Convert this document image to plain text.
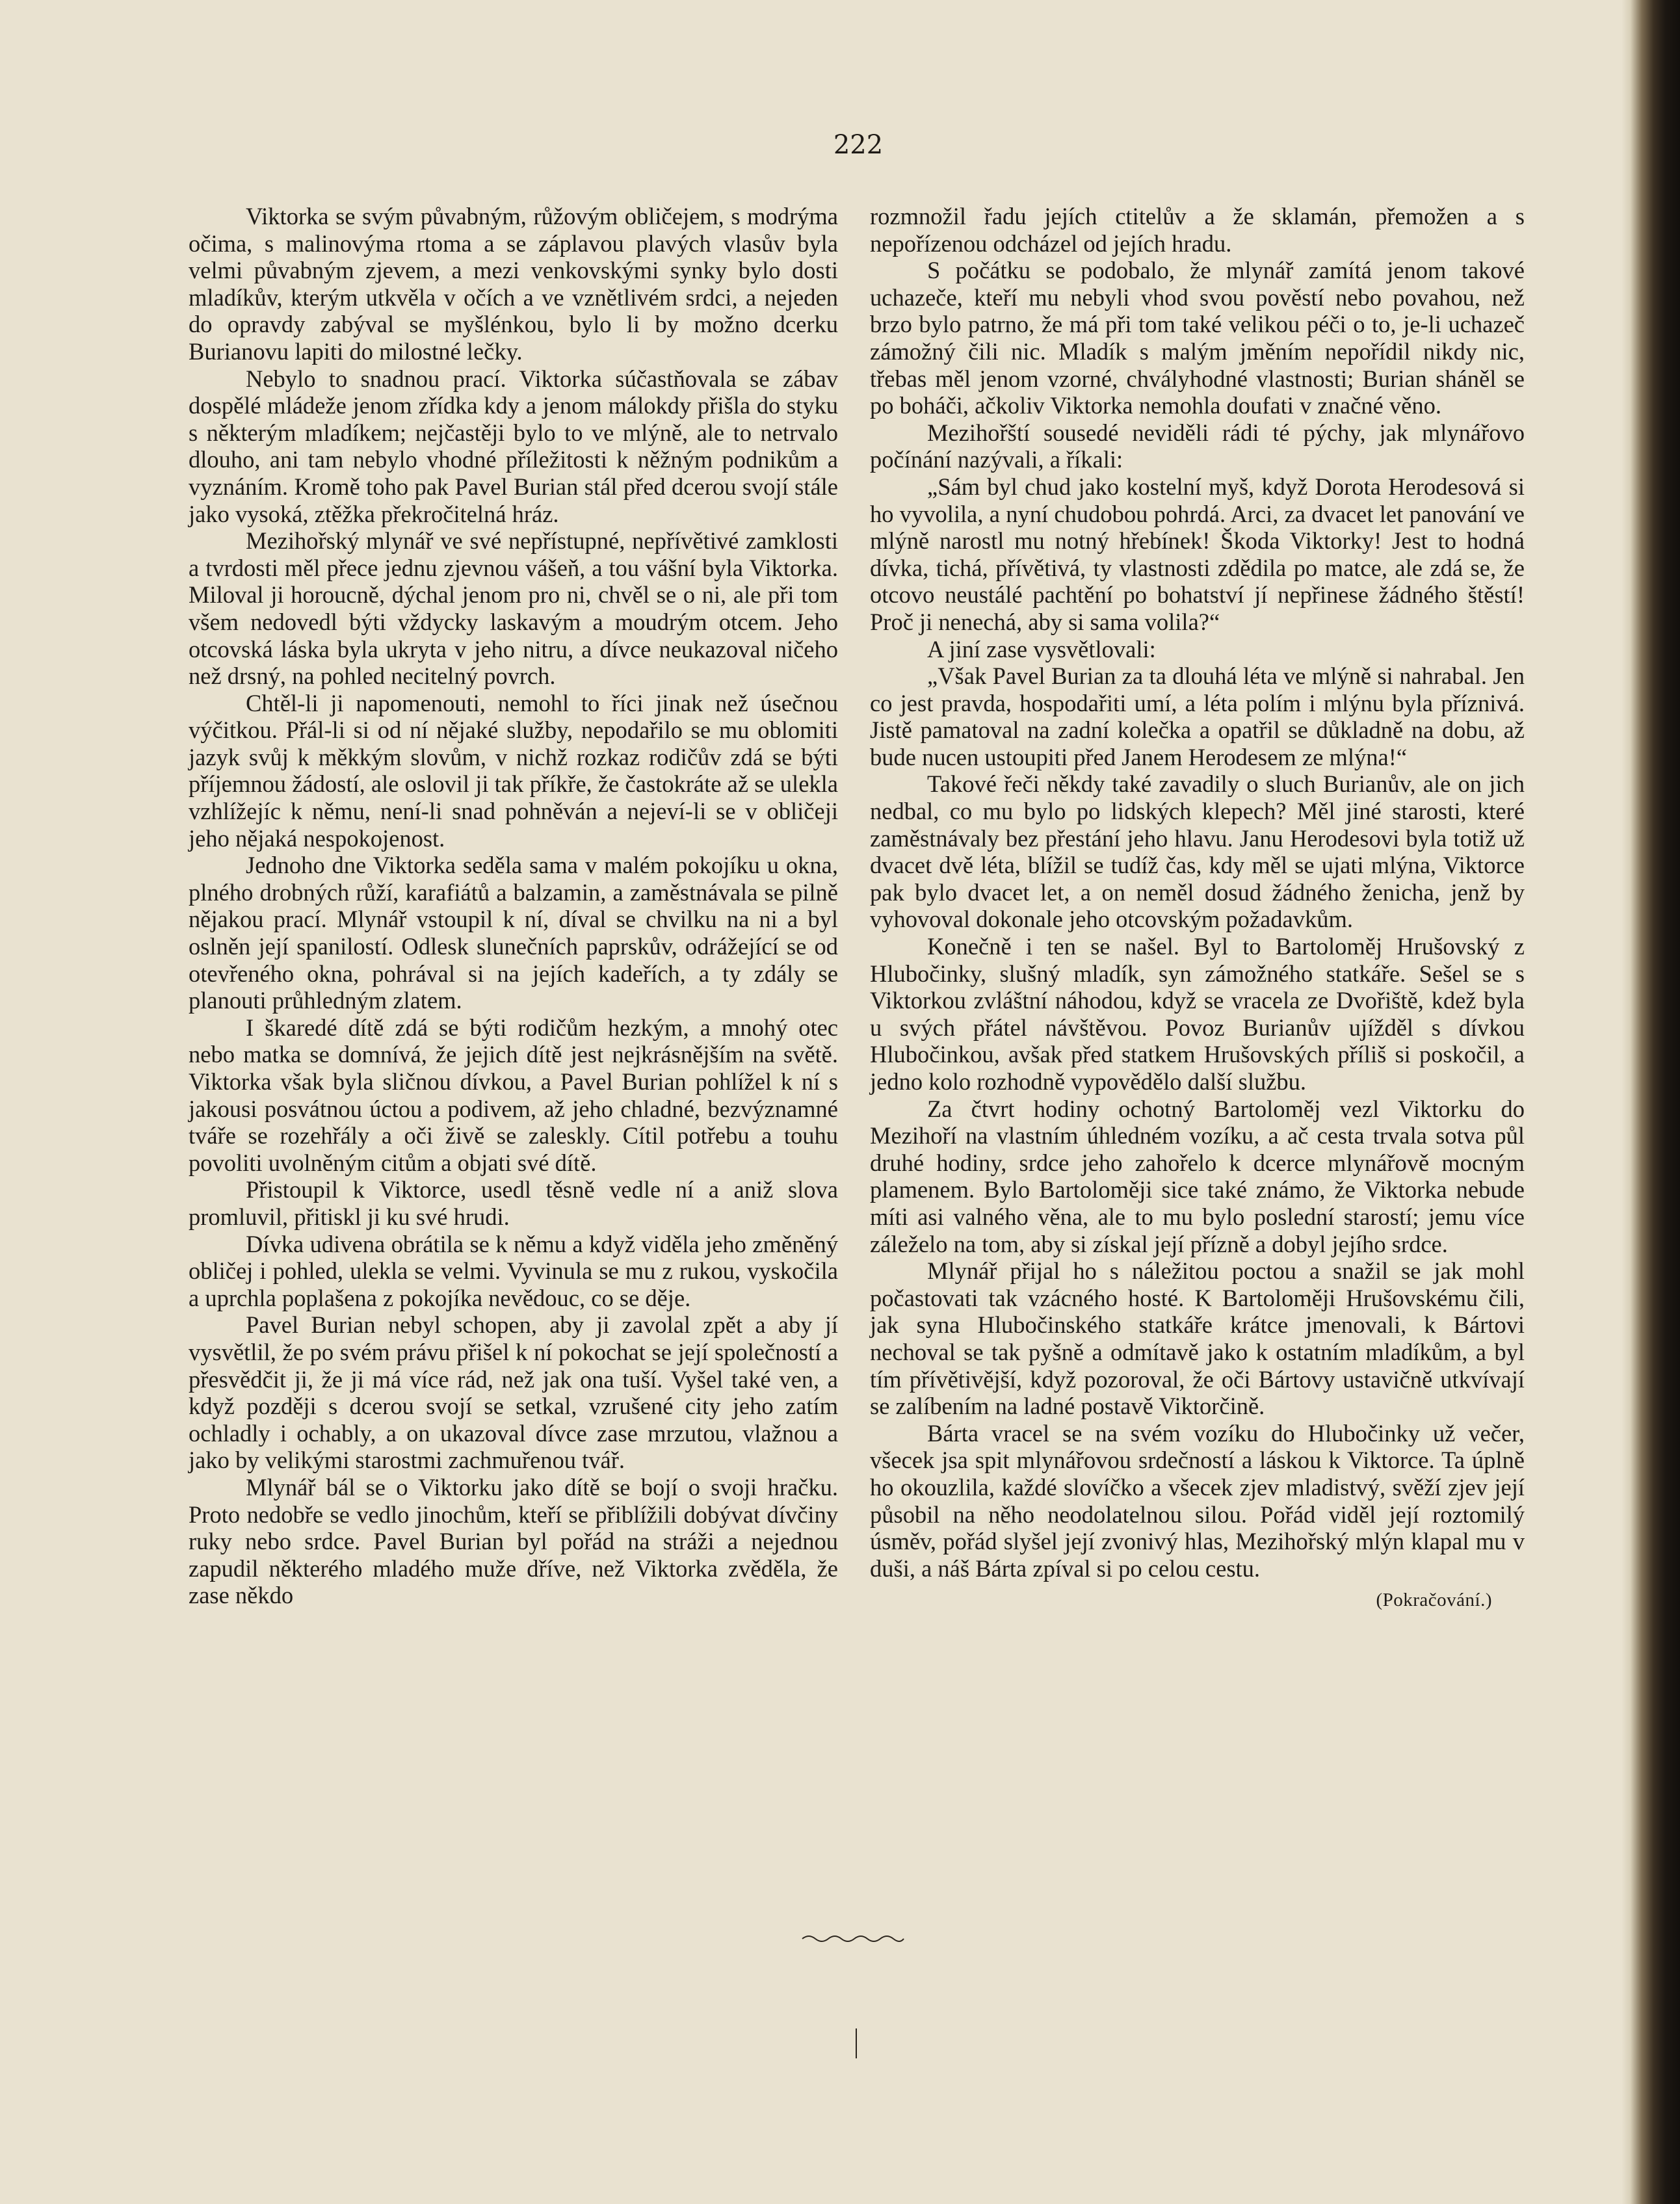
222

Viktorka se svým půvabným, růžovým obličejem, s modrýma očima, s malinovýma rtoma a se záplavou plavých vlasův byla velmi půvabným zjevem, a mezi venkovskými synky bylo dosti mladíkův, kterým utkvěla v očích a ve vznětlivém srdci, a nejeden do opravdy zabýval se myšlénkou, bylo li by možno dcerku Burianovu lapiti do milostné lečky.

Nebylo to snadnou prací. Viktorka súčastňovala se zábav dospělé mládeže jenom zřídka kdy a jenom málokdy přišla do styku s některým mladíkem; nejčastěji bylo to ve mlýně, ale to netrvalo dlouho, ani tam nebylo vhodné příležitosti k něžným podnikům a vyznáním. Kromě toho pak Pavel Burian stál před dcerou svojí stále jako vysoká, ztěžka překročitelná hráz.

Mezihořský mlynář ve své nepřístupné, nepřívětivé zamklosti a tvrdosti měl přece jednu zjevnou vášeň, a tou vášní byla Viktorka. Miloval ji horoucně, dýchal jenom pro ni, chvěl se o ni, ale při tom všem nedovedl býti vždycky laskavým a moudrým otcem. Jeho otcovská láska byla ukryta v jeho nitru, a dívce neukazoval ničeho než drsný, na pohled necitelný povrch.

Chtěl-li ji napomenouti, nemohl to říci jinak než úsečnou výčitkou. Přál-li si od ní nějaké služby, nepodařilo se mu oblomiti jazyk svůj k měkkým slovům, v nichž rozkaz rodičův zdá se býti příjemnou žádostí, ale oslovil ji tak příkře, že častokráte až se ulekla vzhlížejíc k němu, není-li snad pohněván a nejeví-li se v obličeji jeho nějaká nespokojenost.

Jednoho dne Viktorka seděla sama v malém pokojíku u okna, plného drobných růží, karafiátů a balzamin, a zaměstnávala se pilně nějakou prací. Mlynář vstoupil k ní, díval se chvilku na ni a byl oslněn její spanilostí. Odlesk slunečních paprskův, odrážející se od otevřeného okna, pohrával si na jejích kadeřích, a ty zdály se planouti průhledným zlatem.

I škaredé dítě zdá se býti rodičům hezkým, a mnohý otec nebo matka se domnívá, že jejich dítě jest nejkrásnějším na světě. Viktorka však byla sličnou dívkou, a Pavel Burian pohlížel k ní s jakousi posvátnou úctou a podivem, až jeho chladné, bezvýznamné tváře se rozehřály a oči živě se zaleskly. Cítil potřebu a touhu povoliti uvolněným citům a objati své dítě.

Přistoupil k Viktorce, usedl těsně vedle ní a aniž slova promluvil, přitiskl ji ku své hrudi.

Dívka udivena obrátila se k němu a když viděla jeho změněný obličej i pohled, ulekla se velmi. Vyvinula se mu z rukou, vyskočila a uprchla poplašena z pokojíka nevědouc, co se děje.

Pavel Burian nebyl schopen, aby ji zavolal zpět a aby jí vysvětlil, že po svém právu přišel k ní pokochat se její společností a přesvědčit ji, že ji má více rád, než jak ona tuší. Vyšel také ven, a když později s dcerou svojí se setkal, vzrušené city jeho zatím ochladly i ochably, a on ukazoval dívce zase mrzutou, vlažnou a jako by velikými starostmi zachmuřenou tvář.

Mlynář bál se o Viktorku jako dítě se bojí o svoji hračku. Proto nedobře se vedlo jinochům, kteří se přiblížili dobývat dívčiny ruky nebo srdce. Pavel Burian byl pořád na stráži a nejednou zapudil některého mladého muže dříve, než Viktorka zvěděla, že zase někdo

rozmnožil řadu jejích ctitelův a že sklamán, přemožen a s nepořízenou odcházel od jejích hradu.

S počátku se podobalo, že mlynář zamítá jenom takové uchazeče, kteří mu nebyli vhod svou pověstí nebo povahou, než brzo bylo patrno, že má při tom také velikou péči o to, je-li uchazeč zámožný čili nic. Mladík s malým jměním nepořídil nikdy nic, třebas měl jenom vzorné, chvályhodné vlastnosti; Burian sháněl se po boháči, ačkoliv Viktorka nemohla doufati v značné věno.

Mezihořští sousedé neviděli rádi té pýchy, jak mlynářovo počínání nazývali, a říkali:

„Sám byl chud jako kostelní myš, když Dorota Herodesová si ho vyvolila, a nyní chudobou pohrdá. Arci, za dvacet let panování ve mlýně narostl mu notný hřebínek! Škoda Viktorky! Jest to hodná dívka, tichá, přívětivá, ty vlastnosti zdědila po matce, ale zdá se, že otcovo neustálé pachtění po bohatství jí nepřinese žádného štěstí! Proč ji nenechá, aby si sama volila?“

A jiní zase vysvětlovali:

„Však Pavel Burian za ta dlouhá léta ve mlýně si nahrabal. Jen co jest pravda, hospodařiti umí, a léta polím i mlýnu byla příznivá. Jistě pamatoval na zadní kolečka a opatřil se důkladně na dobu, až bude nucen ustoupiti před Janem Herodesem ze mlýna!“

Takové řeči někdy také zavadily o sluch Burianův, ale on jich nedbal, co mu bylo po lidských klepech? Měl jiné starosti, které zaměstnávaly bez přestání jeho hlavu. Janu Herodesovi byla totiž už dvacet dvě léta, blížil se tudíž čas, kdy měl se ujati mlýna, Viktorce pak bylo dvacet let, a on neměl dosud žádného ženicha, jenž by vyhovoval dokonale jeho otcovským požadavkům.

Konečně i ten se našel. Byl to Bartoloměj Hrušovský z Hlubočinky, slušný mladík, syn zámožného statkáře. Sešel se s Viktorkou zvláštní náhodou, když se vracela ze Dvořiště, kdež byla u svých přátel návštěvou. Povoz Burianův ujížděl s dívkou Hlubočinkou, avšak před statkem Hrušovských příliš si poskočil, a jedno kolo rozhodně vypovědělo další službu.

Za čtvrt hodiny ochotný Bartoloměj vezl Viktorku do Mezihoří na vlastním úhledném vozíku, a ač cesta trvala sotva půl druhé hodiny, srdce jeho zahořelo k dcerce mlynářově mocným plamenem. Bylo Bartoloměji sice také známo, že Viktorka nebude míti asi valného věna, ale to mu bylo poslední starostí; jemu více záleželo na tom, aby si získal její přízně a dobyl jejího srdce.

Mlynář přijal ho s náležitou poctou a snažil se jak mohl počastovati tak vzácného hosté. K Bartoloměji Hrušovskému čili, jak syna Hlubočinského statkáře krátce jmenovali, k Bártovi nechoval se tak pyšně a odmítavě jako k ostatním mladíkům, a byl tím přívětivější, když pozoroval, že oči Bártovy ustavičně utkvívají se zalíbením na ladné postavě Viktorčině.

Bárta vracel se na svém vozíku do Hlubočinky už večer, všecek jsa spit mlynářovou srdečností a láskou k Viktorce. Ta úplně ho okouzlila, každé slovíčko a všecek zjev mladistvý, svěží zjev její působil na něho neodolatelnou silou. Pořád viděl její roztomilý úsměv, pořád slyšel její zvonivý hlas, Mezihořský mlýn klapal mu v duši, a náš Bárta zpíval si po celou cestu.

(Pokračování.)
